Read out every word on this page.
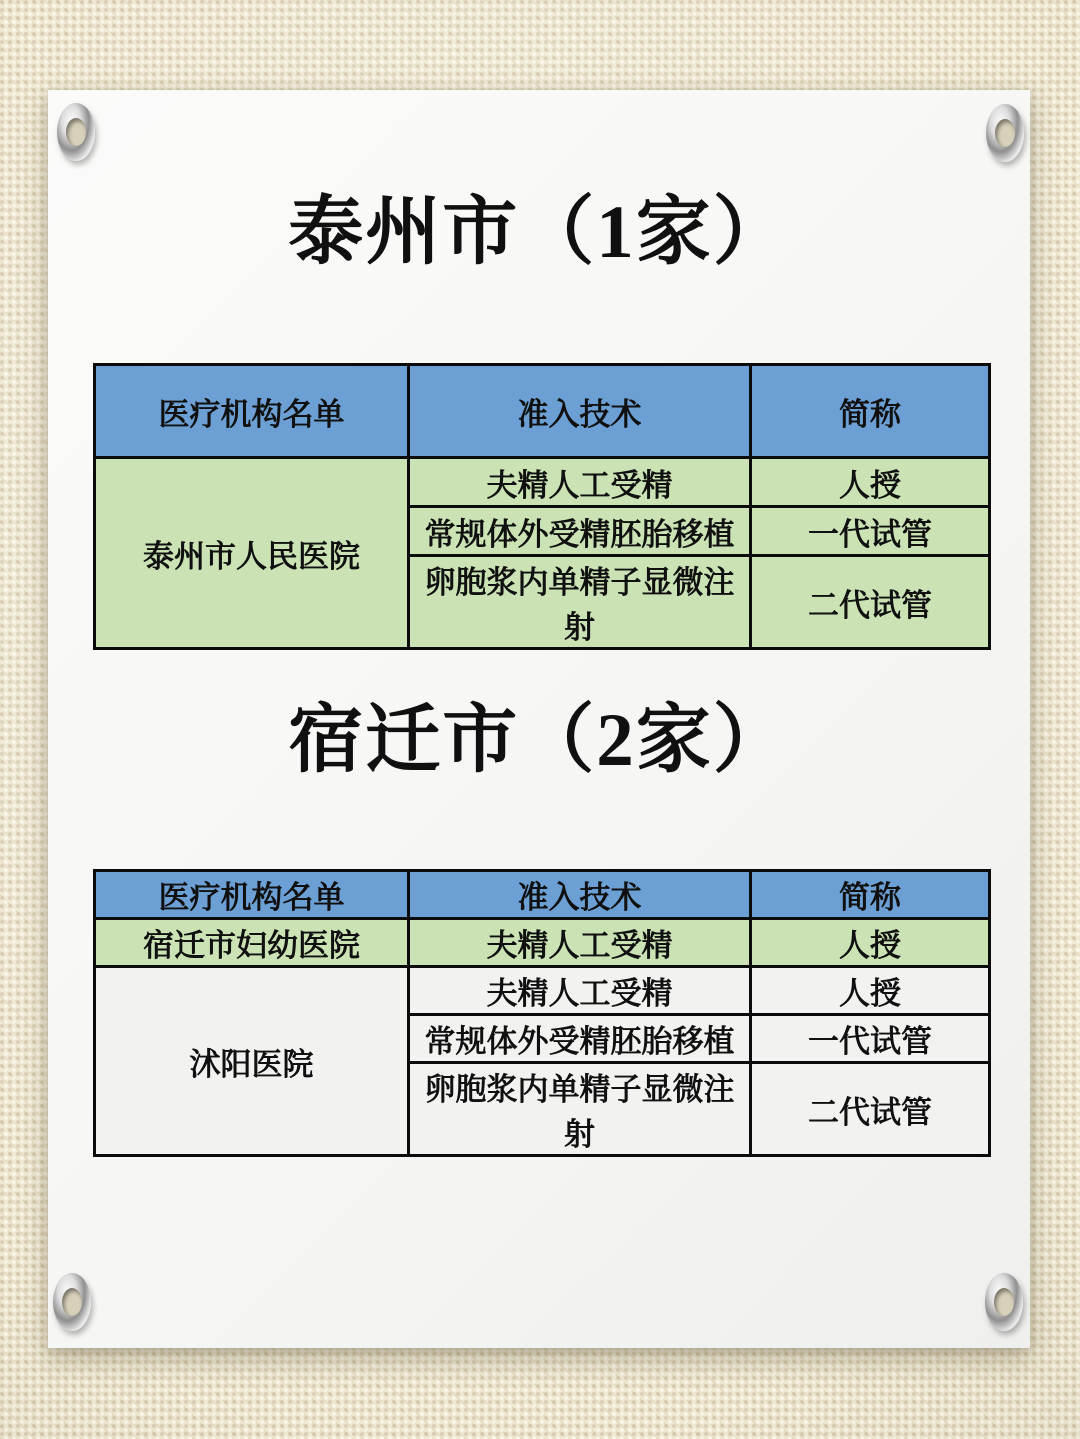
泰州市（1家）
医疗机构名单	准入技术	简称
泰州市人民医院	夫精人工受精	人授
	常规体外受精胚胎移植	一代试管
	卵胞浆内单精子显微注射	二代试管
宿迁市（2家）
医疗机构名单	准入技术	简称
宿迁市妇幼医院	夫精人工受精	人授
沭阳医院	夫精人工受精	人授
	常规体外受精胚胎移植	一代试管
	卵胞浆内单精子显微注射	二代试管
